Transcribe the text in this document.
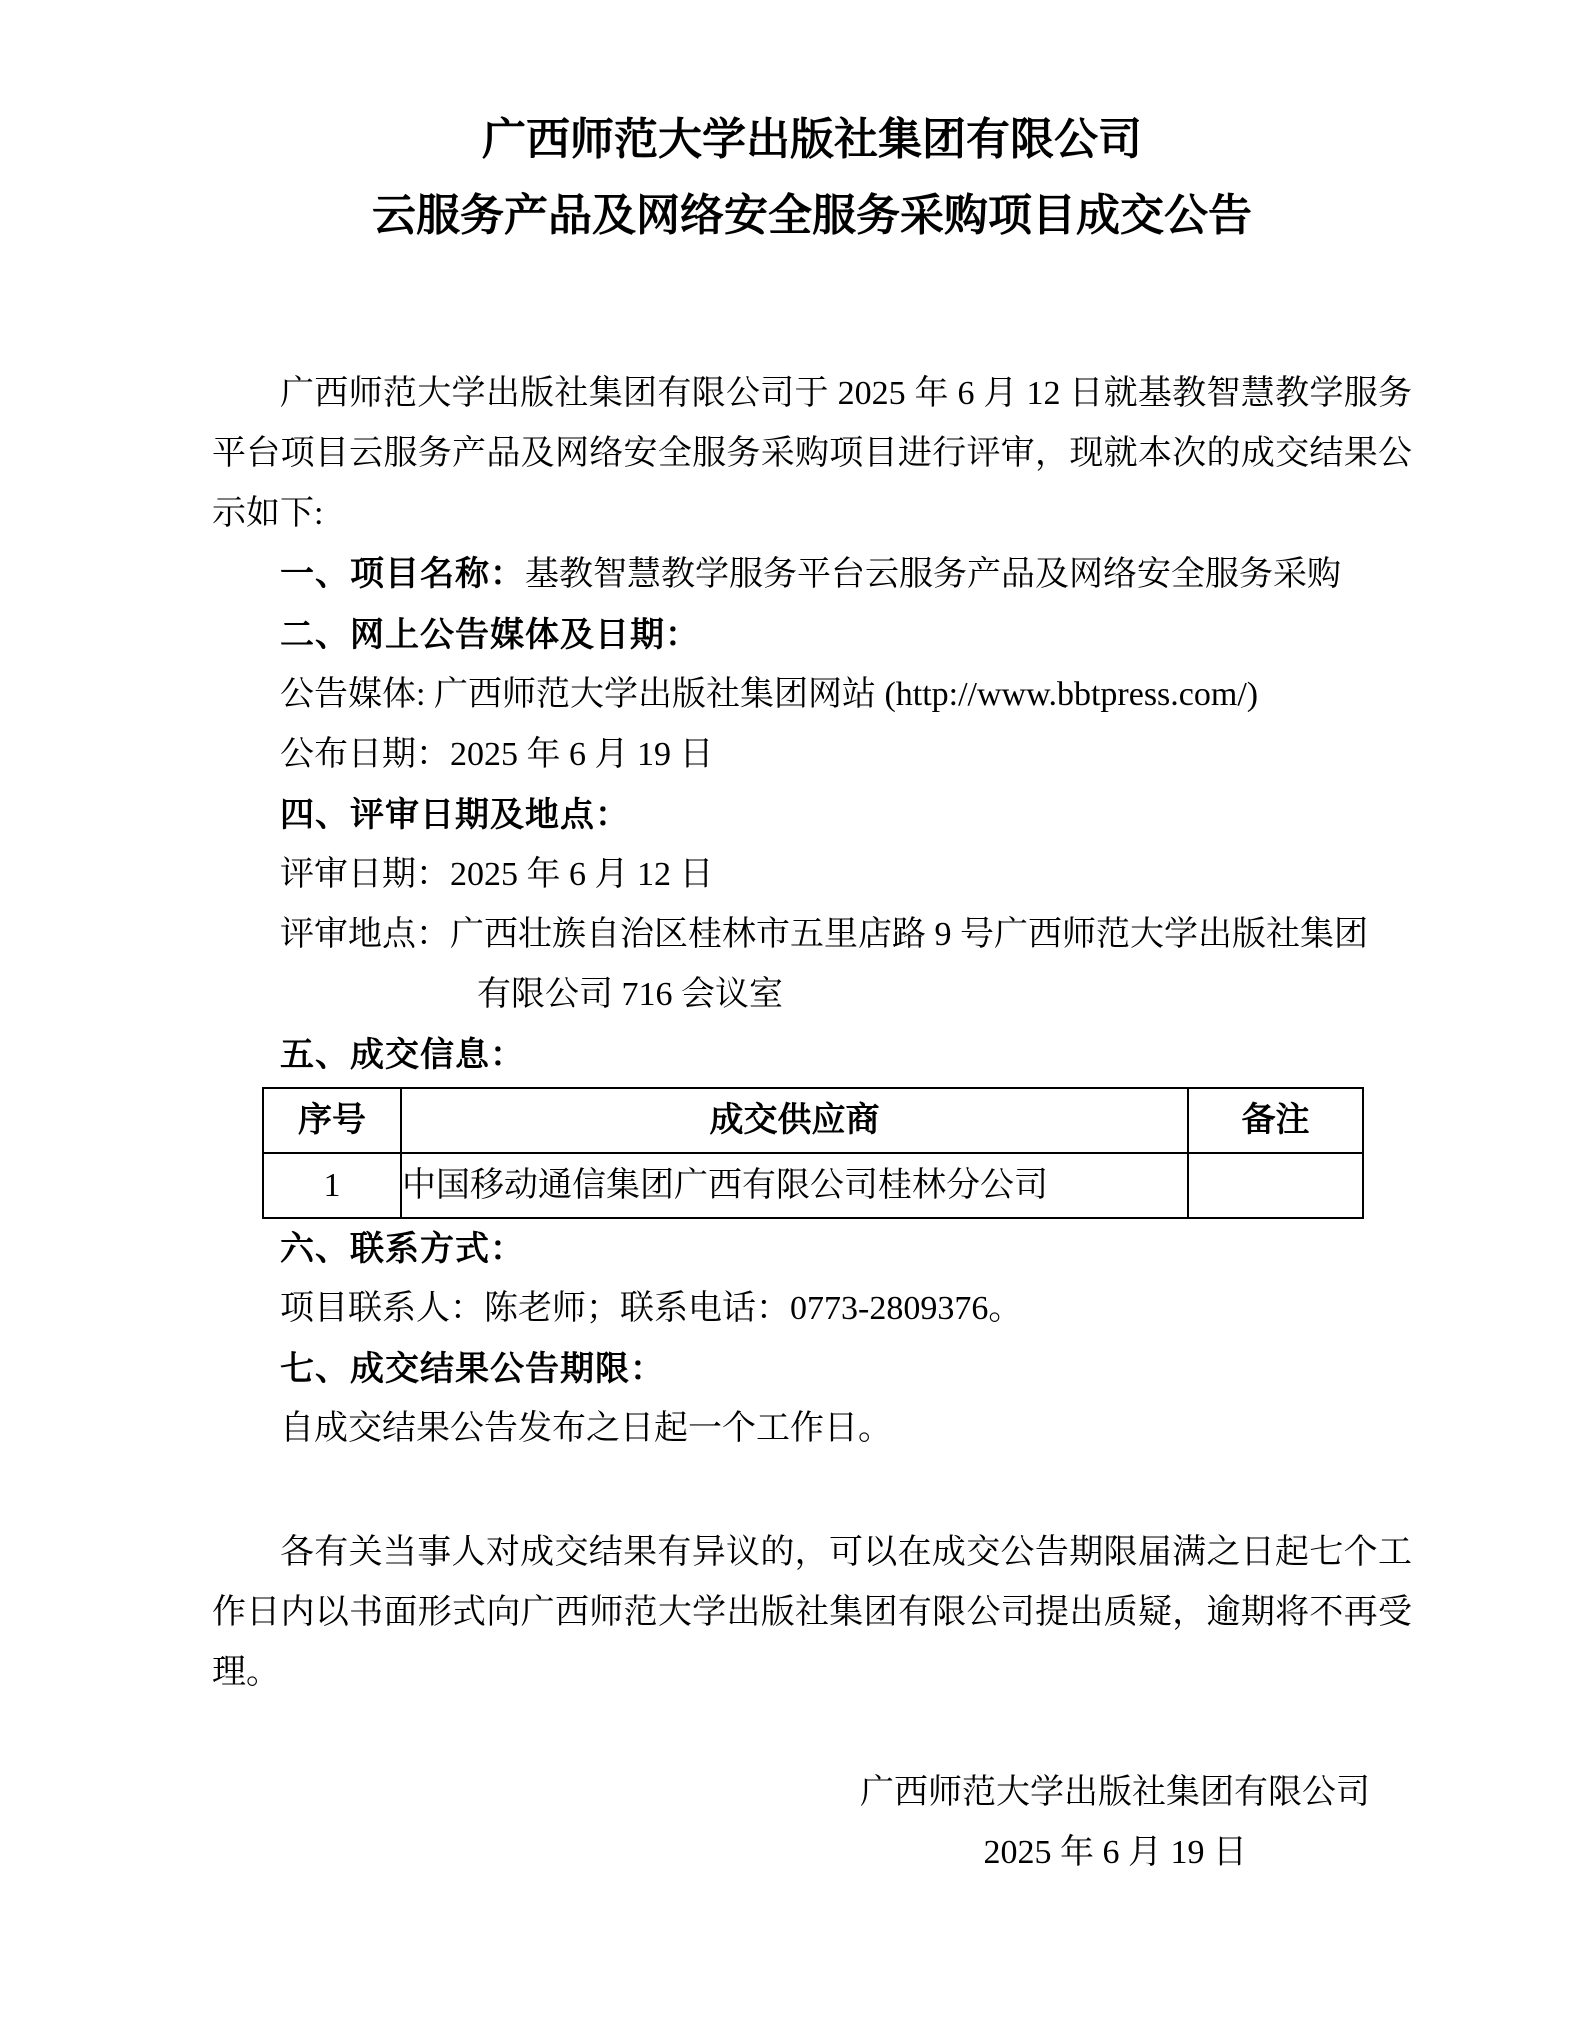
广西师范大学出版社集团有限公司
云服务产品及网络安全服务采购项目成交公告
广西师范大学出版社集团有限公司于 2025 年 6 月 12 日就基教智慧教学服务平台项目云服务产品及网络安全服务采购项目进行评审，现就本次的成交结果公示如下:
一、项目名称：基教智慧教学服务平台云服务产品及网络安全服务采购
二、网上公告媒体及日期：
公告媒体: 广西师范大学出版社集团网站 (http://www.bbtpress.com/)
公布日期：2025 年 6 月 19 日
四、评审日期及地点：
评审日期：2025 年 6 月 12 日
评审地点：广西壮族自治区桂林市五里店路 9 号广西师范大学出版社集团
有限公司 716 会议室
五、成交信息：
序号	成交供应商	备注
1	中国移动通信集团广西有限公司桂林分公司	
六、联系方式：
项目联系人：陈老师；联系电话：0773-2809376。
七、成交结果公告期限：
自成交结果公告发布之日起一个工作日。
各有关当事人对成交结果有异议的，可以在成交公告期限届满之日起七个工作日内以书面形式向广西师范大学出版社集团有限公司提出质疑，逾期将不再受理。
广西师范大学出版社集团有限公司
2025 年 6 月 19 日
